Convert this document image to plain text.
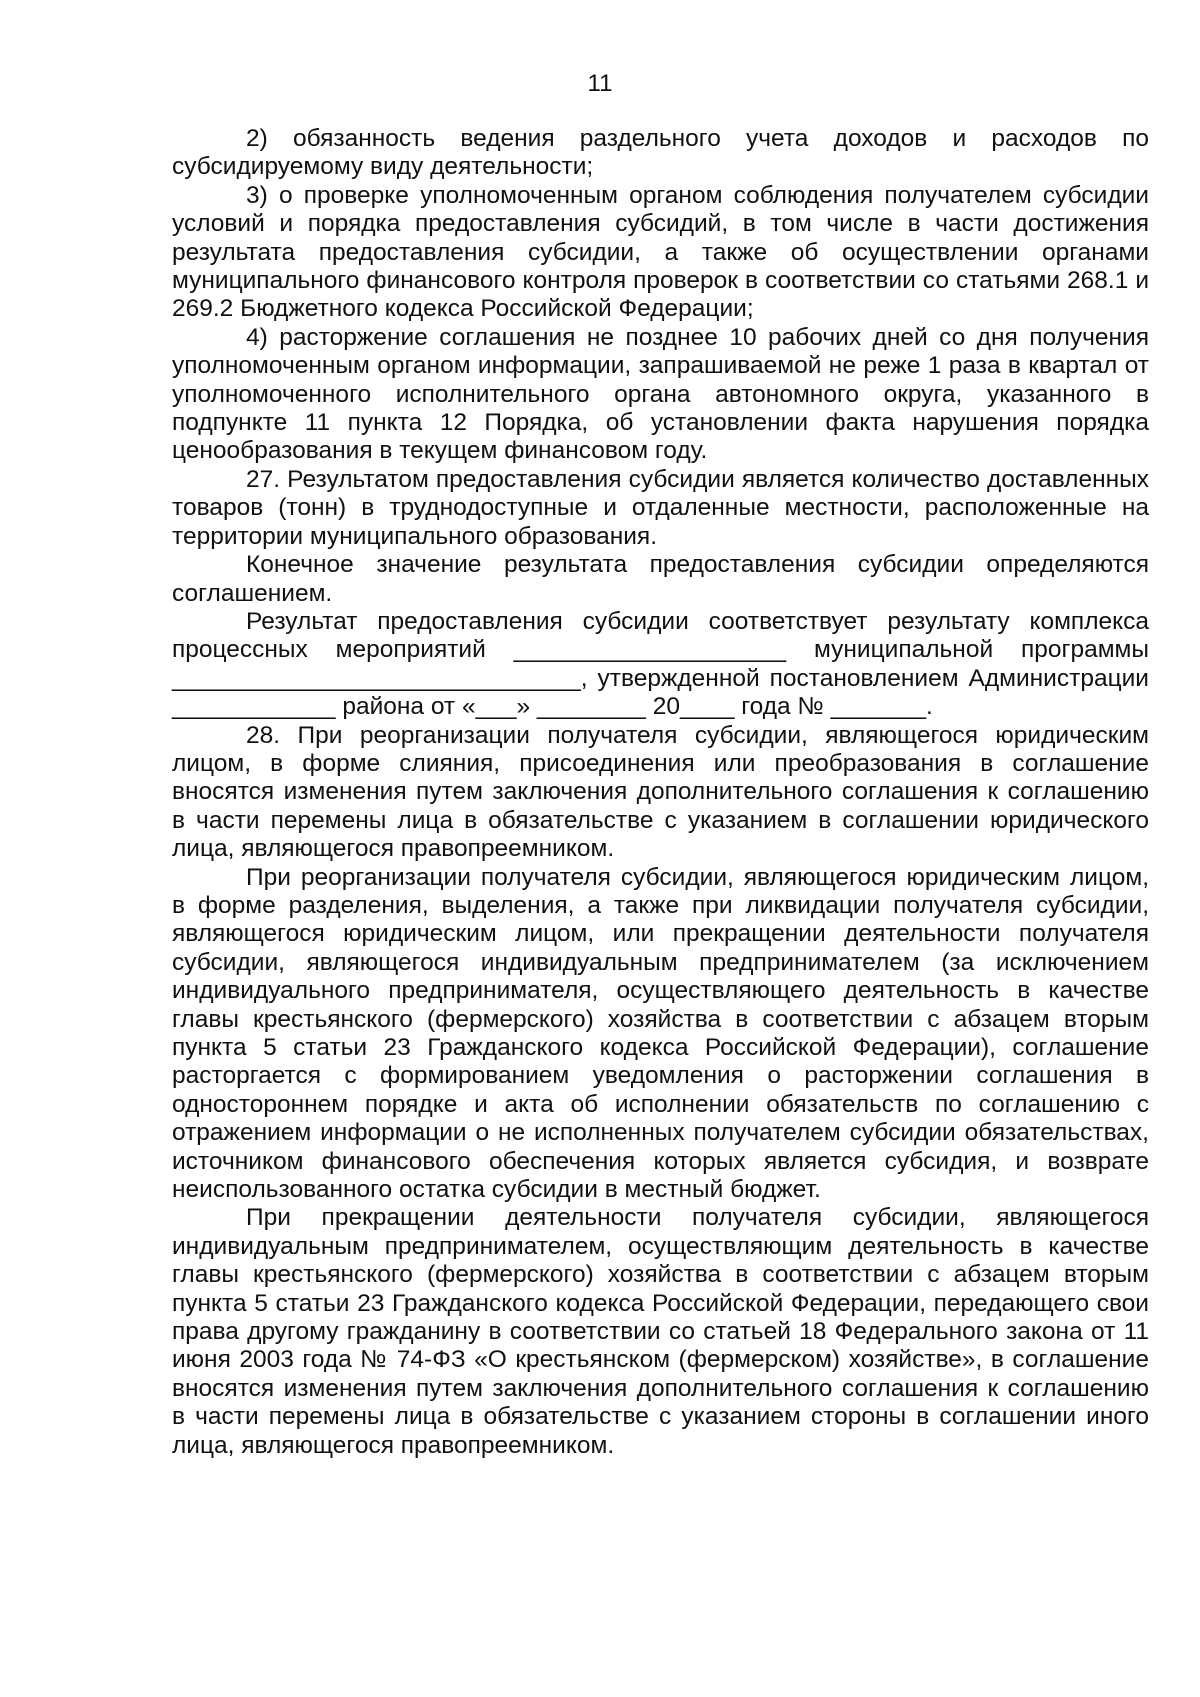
11

2) обязанность ведения раздельного учета доходов и расходов по субсидируемому виду деятельности;

3) о проверке уполномоченным органом соблюдения получателем субсидии условий и порядка предоставления субсидий, в том числе в части достижения результата предоставления субсидии, а также об осуществлении органами муниципального финансового контроля проверок в соответствии со статьями 268.1 и 269.2 Бюджетного кодекса Российской Федерации;

4) расторжение соглашения не позднее 10 рабочих дней со дня получения уполномоченным органом информации, запрашиваемой не реже 1 раза в квартал от уполномоченного исполнительного органа автономного округа, указанного в подпункте 11 пункта 12 Порядка, об установлении факта нарушения порядка ценообразования в текущем финансовом году.

27. Результатом предоставления субсидии является количество доставленных товаров (тонн) в труднодоступные и отдаленные местности, расположенные на территории муниципального образования.

Конечное значение результата предоставления субсидии определяются соглашением.

Результат предоставления субсидии соответствует результату комплекса процессных мероприятий ____________________ муниципальной программы ______________________________, утвержденной постановлением Администрации ____________ района от «___» ________ 20____ года № _______.

28. При реорганизации получателя субсидии, являющегося юридическим лицом, в форме слияния, присоединения или преобразования в соглашение вносятся изменения путем заключения дополнительного соглашения к соглашению в части перемены лица в обязательстве с указанием в соглашении юридического лица, являющегося правопреемником.

При реорганизации получателя субсидии, являющегося юридическим лицом, в форме разделения, выделения, а также при ликвидации получателя субсидии, являющегося юридическим лицом, или прекращении деятельности получателя субсидии, являющегося индивидуальным предпринимателем (за исключением индивидуального предпринимателя, осуществляющего деятельность в качестве главы крестьянского (фермерского) хозяйства в соответствии с абзацем вторым пункта 5 статьи 23 Гражданского кодекса Российской Федерации), соглашение расторгается с формированием уведомления о расторжении соглашения в одностороннем порядке и акта об исполнении обязательств по соглашению с отражением информации о не исполненных получателем субсидии обязательствах, источником финансового обеспечения которых является субсидия, и возврате неиспользованного остатка субсидии в местный бюджет.

При прекращении деятельности получателя субсидии, являющегося индивидуальным предпринимателем, осуществляющим деятельность в качестве главы крестьянского (фермерского) хозяйства в соответствии с абзацем вторым пункта 5 статьи 23 Гражданского кодекса Российской Федерации, передающего свои права другому гражданину в соответствии со статьей 18 Федерального закона от 11 июня 2003 года № 74-ФЗ «О крестьянском (фермерском) хозяйстве», в соглашение вносятся изменения путем заключения дополнительного соглашения к соглашению в части перемены лица в обязательстве с указанием стороны в соглашении иного лица, являющегося правопреемником.
